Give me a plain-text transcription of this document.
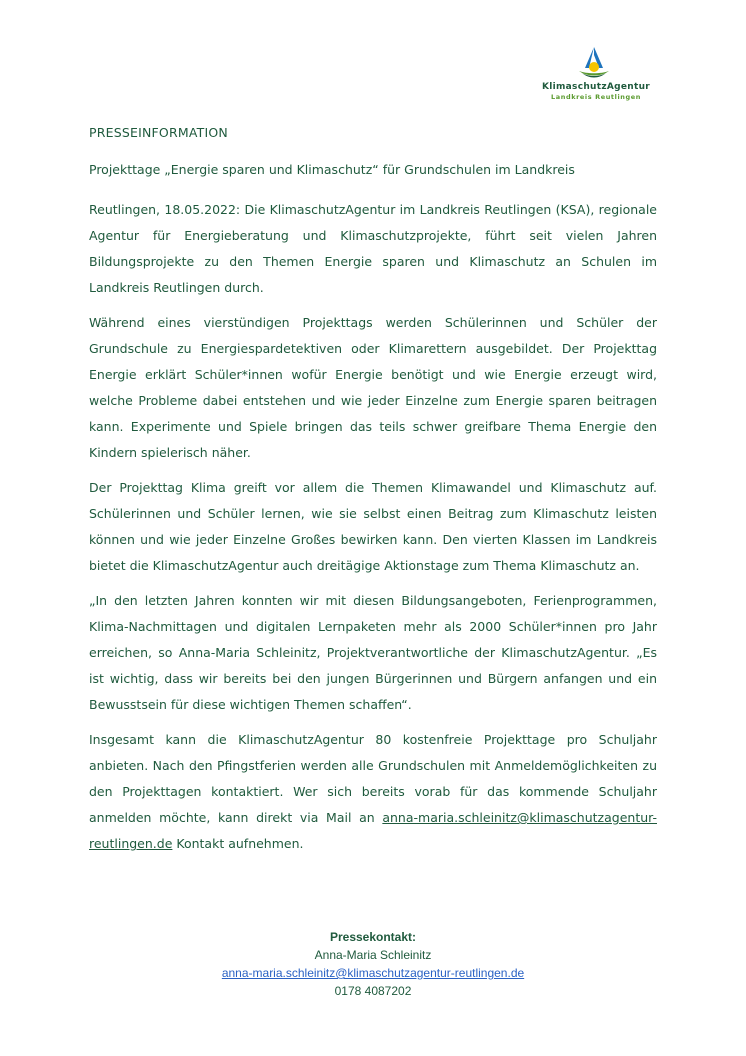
KlimaschutzAgentur
Landkreis Reutlingen
PRESSEINFORMATION
Projekttage „Energie sparen und Klimaschutz“ für Grundschulen im Landkreis

Reutlingen, 18.05.2022: Die KlimaschutzAgentur im Landkreis Reutlingen (KSA), regionale Agentur für Energieberatung und Klimaschutzprojekte, führt seit vielen Jahren Bildungsprojekte zu den Themen Energie sparen und Klimaschutz an Schulen im Landkreis Reutlingen durch.

Während eines vierstündigen Projekttags werden Schülerinnen und Schüler der Grundschule zu Energiespardetektiven oder Klimarettern ausgebildet. Der Projekttag Energie erklärt Schüler*innen wofür Energie benötigt und wie Energie erzeugt wird, welche Probleme dabei entstehen und wie jeder Einzelne zum Energie sparen beitragen kann. Experimente und Spiele bringen das teils schwer greifbare Thema Energie den Kindern spielerisch näher.

Der Projekttag Klima greift vor allem die Themen Klimawandel und Klimaschutz auf. Schülerinnen und Schüler lernen, wie sie selbst einen Beitrag zum Klimaschutz leisten können und wie jeder Einzelne Großes bewirken kann. Den vierten Klassen im Landkreis bietet die KlimaschutzAgentur auch dreitägige Aktionstage zum Thema Klimaschutz an.

„In den letzten Jahren konnten wir mit diesen Bildungsangeboten, Ferienprogrammen, Klima-Nachmittagen und digitalen Lernpaketen mehr als 2000 Schüler*innen pro Jahr erreichen, so Anna-Maria Schleinitz, Projektverantwortliche der KlimaschutzAgentur. „Es ist wichtig, dass wir bereits bei den jungen Bürgerinnen und Bürgern anfangen und ein Bewusstsein für diese wichtigen Themen schaffen“.

Insgesamt kann die KlimaschutzAgentur 80 kostenfreie Projekttage pro Schuljahr anbieten. Nach den Pfingstferien werden alle Grundschulen mit Anmeldemöglichkeiten zu den Projekttagen kontaktiert. Wer sich bereits vorab für das kommende Schuljahr anmelden möchte, kann direkt via Mail an anna-maria.schleinitz@klimaschutzagentur-reutlingen.de Kontakt aufnehmen.

Pressekontakt:
Anna-Maria Schleinitz
anna-maria.schleinitz@klimaschutzagentur-reutlingen.de
0178 4087202
